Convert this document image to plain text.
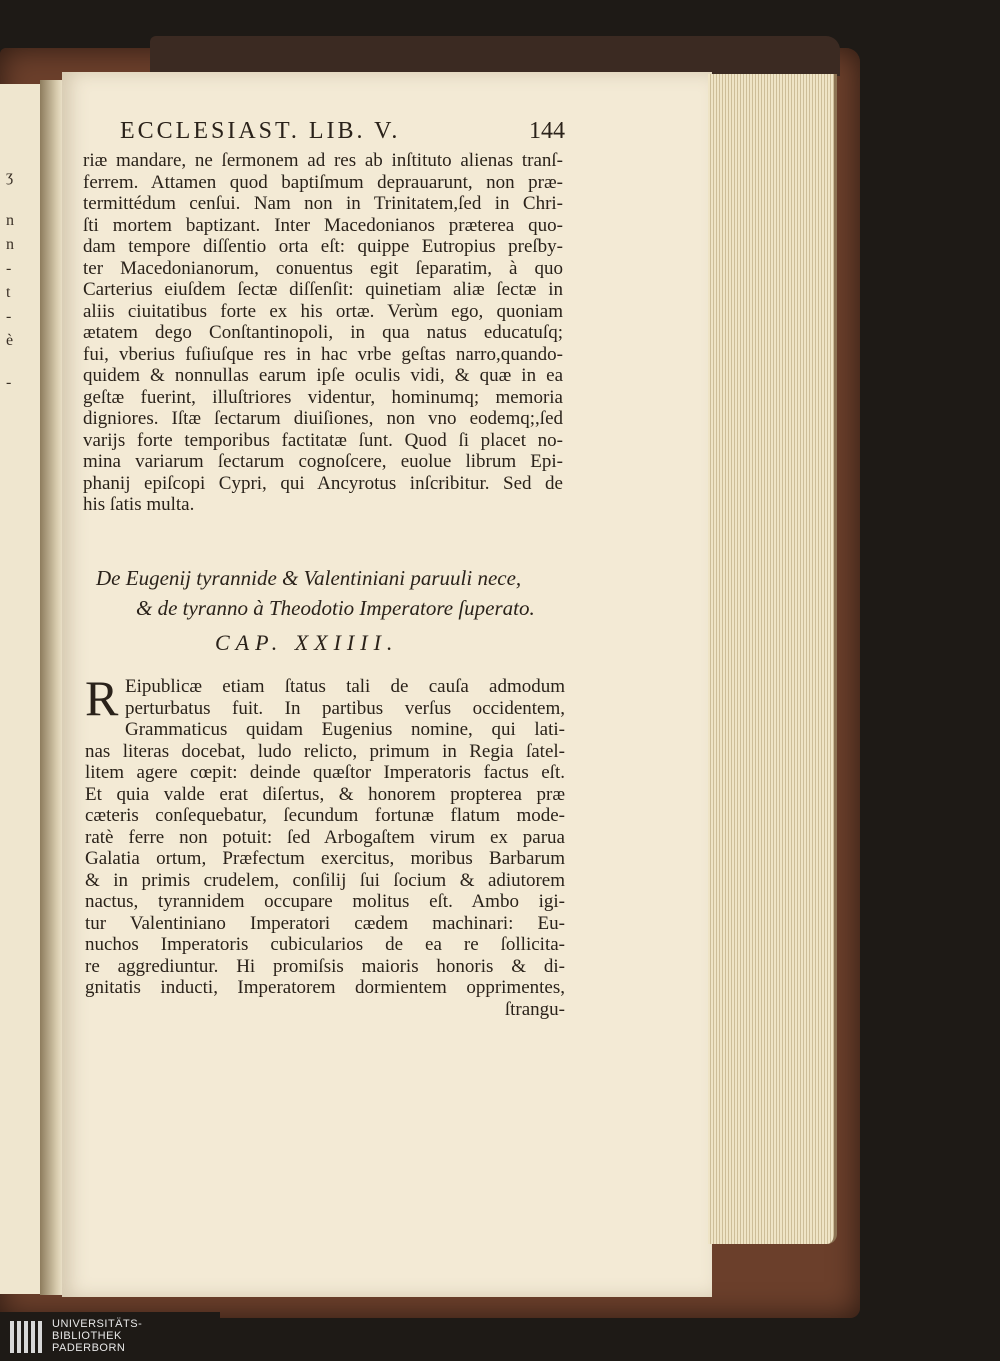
ʒ
n
n
-
t
-
è
-
ECCLESIAST. LIB. V.	144
riæ mandare, ne ſermonem ad res ab inſtituto alienas tranſ-
ferrem. Attamen quod baptiſmum deprauarunt, non præ-
termittédum cenſui. Nam non in Trinitatem,ſed in Chri-
ſti mortem baptizant. Inter Macedonianos præterea quo-
dam tempore diſſentio orta eſt: quippe Eutropius preſby-
ter Macedonianorum, conuentus egit ſeparatim, à quo
Carterius eiuſdem ſectæ diſſenſit: quinetiam aliæ ſectæ in
aliis ciuitatibus forte ex his ortæ. Verùm ego, quoniam
ætatem dego Conſtantinopoli, in qua natus educatuſq;
fui, vberius fuſiuſque res in hac vrbe geſtas narro,quando-
quidem & nonnullas earum ipſe oculis vidi, & quæ in ea
geſtæ fuerint, illuſtriores videntur, hominumq; memoria
digniores. Iſtæ ſectarum diuiſiones, non vno eodemq;,ſed
varijs forte temporibus factitatæ ſunt. Quod ſi placet no-
mina variarum ſectarum cognoſcere, euolue librum Epi-
phanij epiſcopi Cypri, qui Ancyrotus inſcribitur. Sed de
his ſatis multa.
De Eugenij tyrannide & Valentiniani paruuli nece,
& de tyranno à Theodotio Imperatore ſuperato.
CAP. XXIIII.
R Eipublicæ etiam ſtatus tali de cauſa admodum
perturbatus fuit. In partibus verſus occidentem,
Grammaticus quidam Eugenius nomine, qui lati-
nas literas docebat, ludo relicto, primum in Regia ſatel-
litem agere cœpit: deinde quæſtor Imperatoris factus eſt.
Et quia valde erat diſertus, & honorem propterea præ
cæteris conſequebatur, ſecundum fortunæ flatum mode-
ratè ferre non potuit: ſed Arbogaſtem virum ex parua
Galatia ortum, Præfectum exercitus, moribus Barbarum
& in primis crudelem, conſilij ſui ſocium & adiutorem
nactus, tyrannidem occupare molitus eſt. Ambo igi-
tur Valentiniano Imperatori cædem machinari: Eu-
nuchos Imperatoris cubicularios de ea re ſollicita-
re aggrediuntur. Hi promiſsis maioris honoris & di-
gnitatis inducti, Imperatorem dormientem opprimentes,
ſtrangu-
UNIVERSITÄTS-
BIBLIOTHEK
PADERBORN
